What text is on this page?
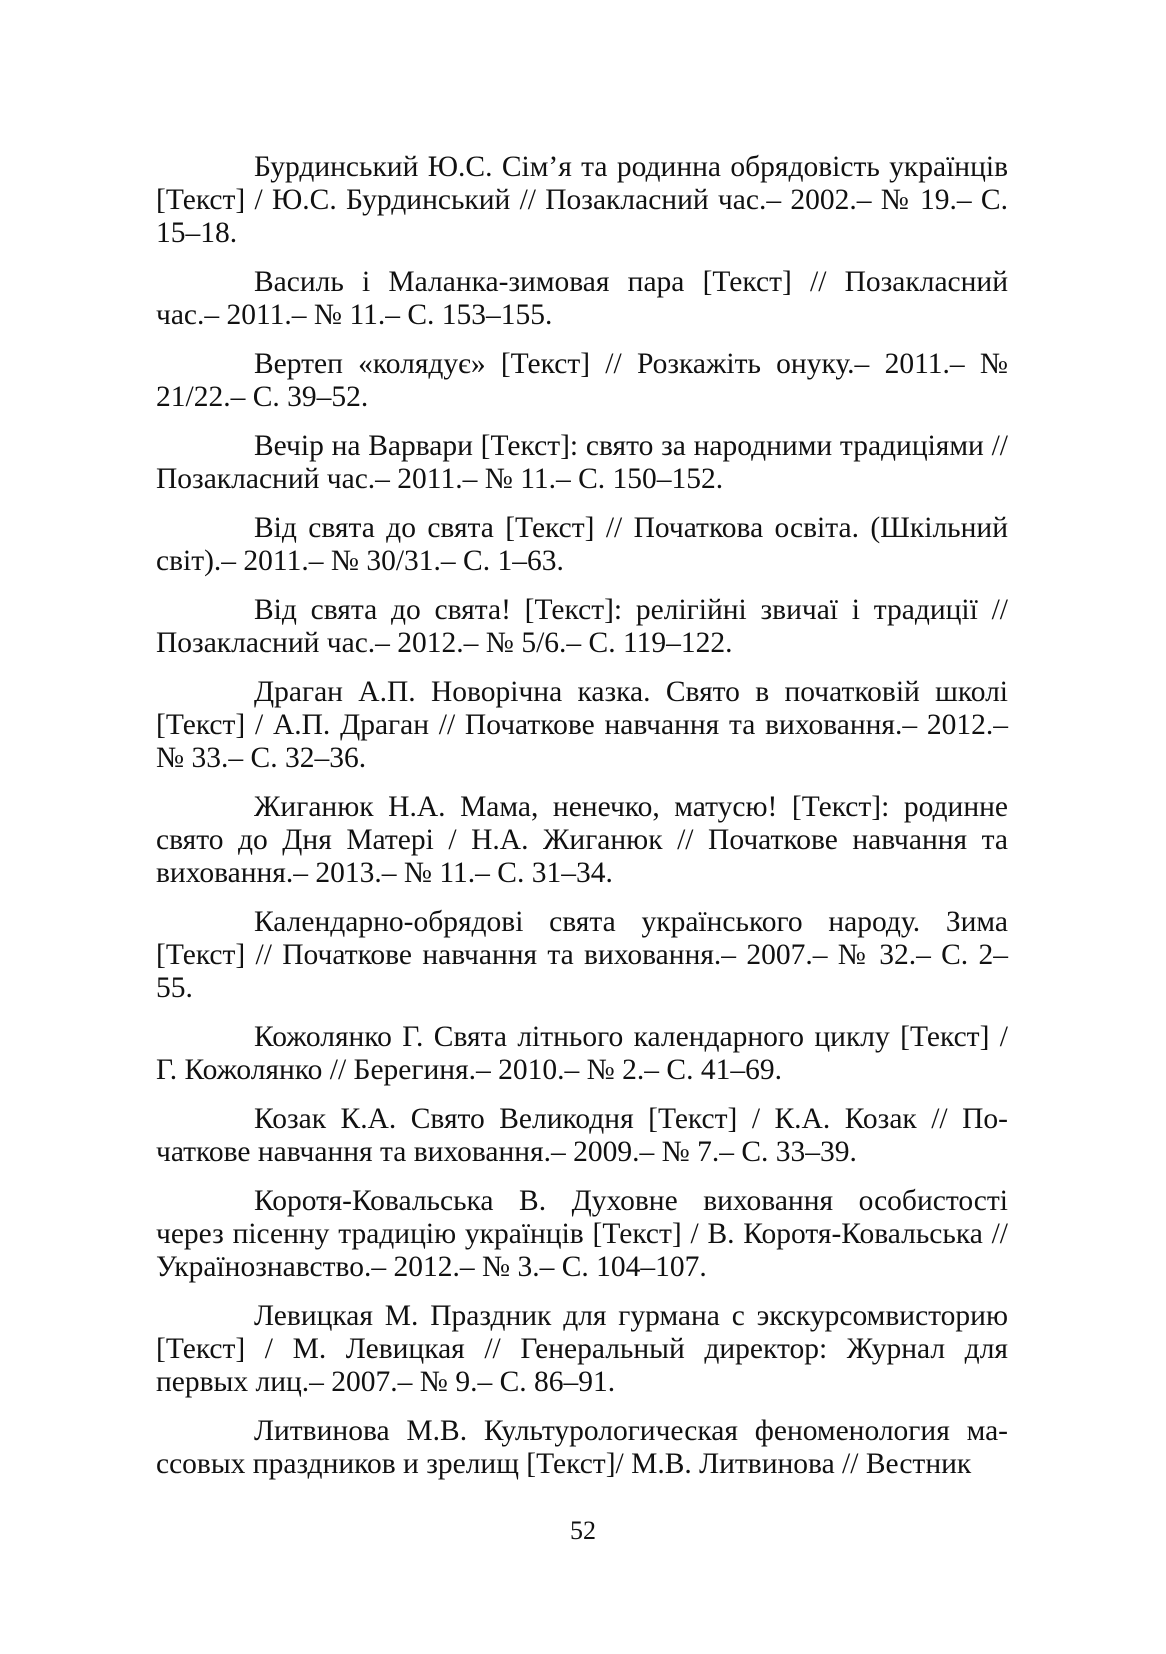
Бурдинський Ю.С. Сім’я та родинна обрядовість українців [Текст] / Ю.С. Бурдинський // Позакласний час.– 2002.– № 19.– С. 15–18.

Василь і Маланка-зимовая пара [Текст] // Позакласний час.– 2011.– № 11.– С. 153–155.

Вертеп «колядує» [Текст] // Розкажіть онуку.– 2011.– № 21/22.– С. 39–52.

Вечір на Варвари [Текст]: свято за народними традиціями // Позакласний час.– 2011.– № 11.– С. 150–152.

Від свята до свята [Текст] // Початкова освіта. (Шкільний світ).– 2011.– № 30/31.– С. 1–63.

Від свята до свята! [Текст]: релігійні звичаї і традиції // Позакласний час.– 2012.– № 5/6.– С. 119–122.

Драган А.П. Новорічна казка. Свято в початковій школі [Текст] / А.П. Драган // Початкове навчання та виховання.– 2012.– № 33.– С. 32–36.

Жиганюк Н.А. Мама, ненечко, матусю! [Текст]: родинне свято до Дня Матері / Н.А. Жиганюк // Початкове навчання та виховання.– 2013.– № 11.– С. 31–34.

Календарно-обрядові свята українського народу. Зима [Текст] // Початкове навчання та виховання.– 2007.– № 32.– С. 2–55.

Кожолянко Г. Свята літнього календарного циклу [Текст] / Г. Кожолянко // Берегиня.– 2010.– № 2.– С. 41–69.

Козак К.А. Свято Великодня [Текст] / К.А. Козак // Початкове навчання та виховання.– 2009.– № 7.– С. 33–39.

Коротя-Ковальська В. Духовне виховання особистості через пісенну традицію українців [Текст] / В. Коротя-Ковальська // Українознавство.– 2012.– № 3.– С. 104–107.

Левицкая М. Праздник для гурмана с экскурсомвисторию [Текст] / М. Левицкая // Генеральный директор: Журнал для первых лиц.– 2007.– № 9.– С. 86–91.

Литвинова М.В. Культурологическая феноменология массовых праздников и зрелищ [Текст]/ М.В. Литвинова // Вестник

52
